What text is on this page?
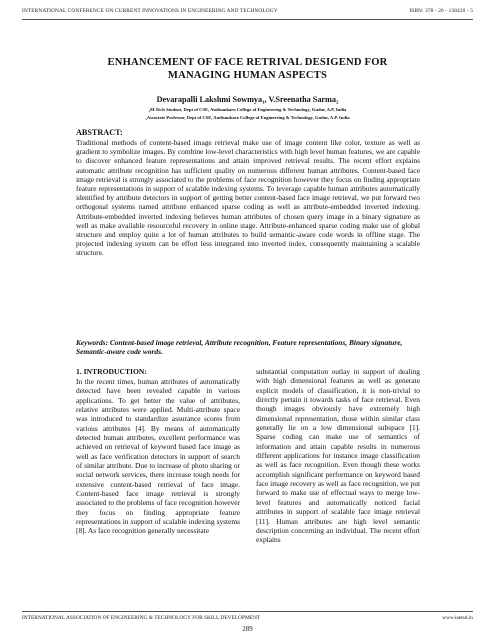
INTERNATIONAL CONFERENCE ON CURRENT INNOVATIONS IN ENGINEERING AND TECHNOLOGY	ISBN: 378 - 26 - 138420 - 5
ENHANCEMENT OF FACE RETRIVAL DESIGEND FOR
MANAGING HUMAN ASPECTS
Devarapalli Lakshmi Sowmya₁, V.Sreenatha Sarma₂
₁M.Tech Student, Dept of CSE, Audisankara College of Engineering & Technology, Gudur, A.P, India
₂Associate Professor, Dept of CSE, Audisankara College of Engineering & Technology, Gudur, A.P. India
ABSTRACT:

Traditional methods of content-based image retrieval make use of image content like color, texture as well as gradient to symbolize images. By combine low-level characteristics with high level human features, we are capable to discover enhanced feature representations and attain improved retrieval results. The recent effort explains automatic attribute recognition has sufficient quality on numerous different human attributes. Content-based face image retrieval is strongly associated to the problems of face recognition however they focus on finding appropriate feature representations in support of scalable indexing systems. To leverage capable human attributes automatically identified by attribute detectors in support of getting better content-based face image retrieval, we put forward two orthogonal systems named attribute enhanced sparse coding as well as attribute-embedded inverted indexing. Attribute-embedded inverted indexing believes human attributes of chosen query image in a binary signature as well as make available resourceful recovery in online stage. Attribute-enhanced sparse coding make use of global structure and employ quite a lot of human attributes to build semantic-aware code words in offline stage. The projected indexing system can be effort less integrated into inverted index, consequently maintaining a scalable structure.

Keywords: Content-based image retrieval, Attribute recognition, Feature representations, Binary signature, Semantic-aware code words.

1. INTRODUCTION:

In the recent times, human attributes of automatically detected have been revealed capable in various applications. To get better the value of attributes, relative attributes were applied. Multi-attribute space was introduced to standardize assurance scores from various attributes [4]. By means of automatically detected human attributes, excellent performance was achieved on retrieval of keyword based face image as well as face verification detectors in support of search of similar attribute. Due to increase of photo sharing or social network services, there increase tough needs for extensive content-based retrieval of face image. Content-based face image retrieval is strongly associated to the problems of face recognition however they focus on finding appropriate feature representations in support of scalable indexing systems [8]. As face recognition generally necessitate

substantial computation outlay in support of dealing with high dimensional features as well as generate explicit models of classification, it is non-trivial to directly pertain it towards tasks of face retrieval. Even though images obviously have extremely high dimensional representation, those within similar class generally lie on a low dimensional subspace [1]. Sparse coding can make use of semantics of information and attain capable results in numerous different applications for instance image classification as well as face recognition. Even though these works accomplish significant performance on keyword based face image recovery as well as face recognition, we put forward to make use of effectual ways to merge low-level features and automatically noticed facial attributes in support of scalable face image retrieval [11]. Human attributes are high level semantic description concerning an individual. The recent effort explains

INTERNATIONAL ASSOCIATION OF ENGINEERING & TECHNOLOGY FOR SKILL DEVELOPMENT	www.iaetsd.in
289
